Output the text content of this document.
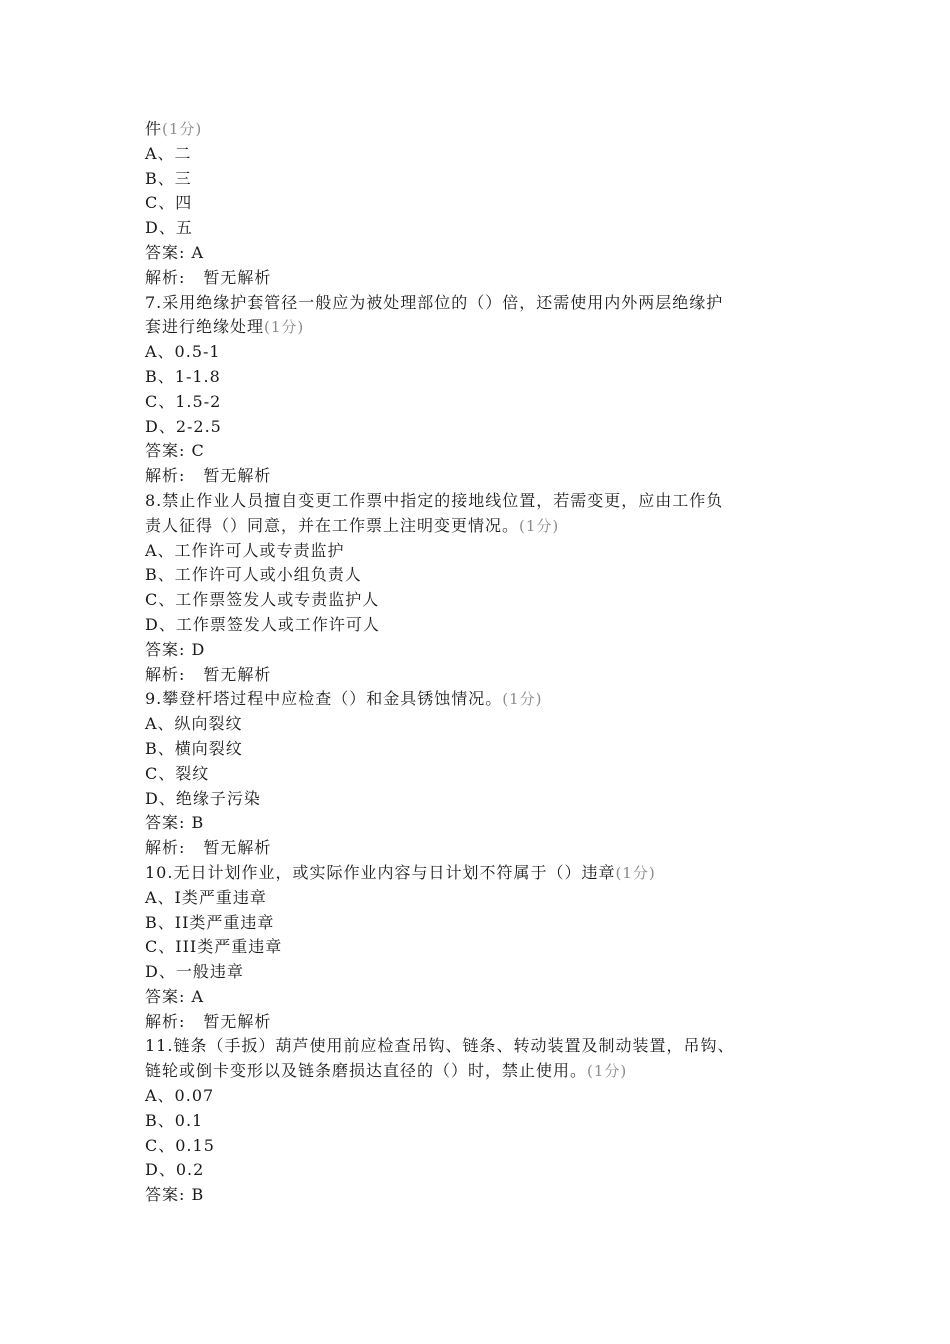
件(1分)
A、二
B、三
C、四
D、五
答案: A
解析: 暂无解析
7.采用绝缘护套管径一般应为被处理部位的（）倍，还需使用内外两层绝缘护
套进行绝缘处理(1分)
A、0.5-1
B、1-1.8
C、1.5-2
D、2-2.5
答案: C
解析: 暂无解析
8.禁止作业人员擅自变更工作票中指定的接地线位置，若需变更，应由工作负
责人征得（）同意，并在工作票上注明变更情况。(1分)
A、工作许可人或专责监护
B、工作许可人或小组负责人
C、工作票签发人或专责监护人
D、工作票签发人或工作许可人
答案: D
解析: 暂无解析
9.攀登杆塔过程中应检查（）和金具锈蚀情况。(1分)
A、纵向裂纹
B、横向裂纹
C、裂纹
D、绝缘子污染
答案: B
解析: 暂无解析
10.无日计划作业，或实际作业内容与日计划不符属于（）违章(1分)
A、I类严重违章
B、II类严重违章
C、III类严重违章
D、一般违章
答案: A
解析: 暂无解析
11.链条（手扳）葫芦使用前应检查吊钩、链条、转动装置及制动装置，吊钩、
链轮或倒卡变形以及链条磨损达直径的（）时，禁止使用。(1分)
A、0.07
B、0.1
C、0.15
D、0.2
答案: B
